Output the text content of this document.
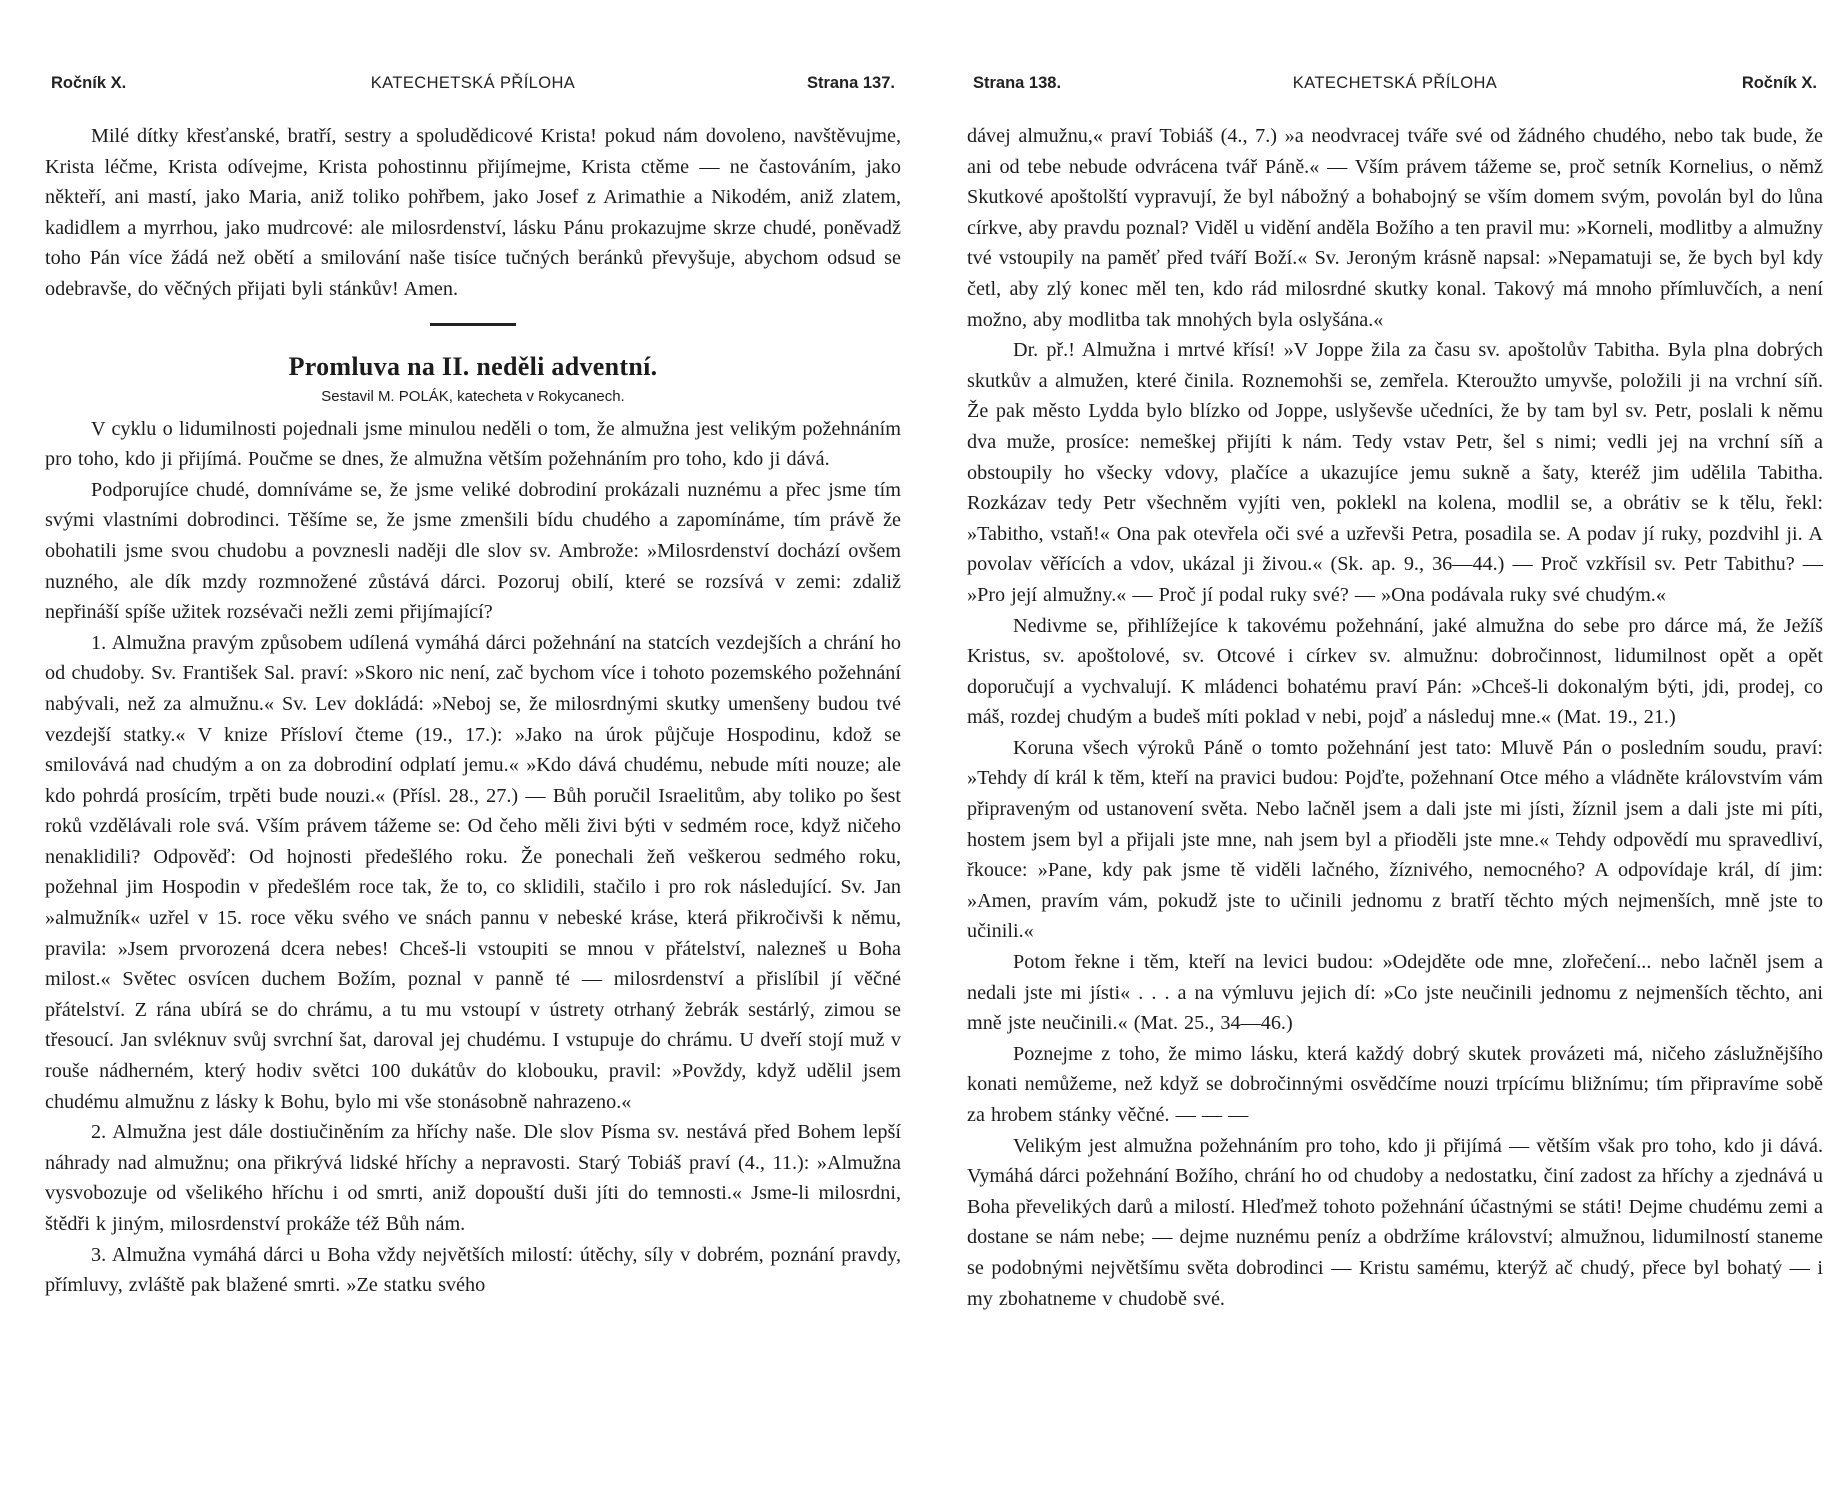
Ročník X.	KATECHETSKÁ PŘÍLOHA	Strana 137.

Milé dítky křesťanské, bratří, sestry a spoludědicové Krista! pokud nám dovoleno, navštěvujme, Krista léčme, Krista odívejme, Krista pohostinnu přijímejme, Krista ctěme — ne častováním, jako někteří, ani mastí, jako Maria, aniž toliko pohřbem, jako Josef z Arimathie a Nikodém, aniž zlatem, kadidlem a myrrhou, jako mudrcové: ale milosrdenství, lásku Pánu prokazujme skrze chudé, poněvadž toho Pán více žádá než obětí a smilování naše tisíce tučných beránků převyšuje, abychom odsud se odebravše, do věčných přijati byli stánkův! Amen.

Promluva na II. neděli adventní.
Sestavil M. POLÁK, katecheta v Rokycanech.

V cyklu o lidumilnosti pojednali jsme minulou neděli o tom, že almužna jest velikým požehnáním pro toho, kdo ji přijímá. Poučme se dnes, že almužna větším požehnáním pro toho, kdo ji dává.

Podporujíce chudé, domníváme se, že jsme veliké dobrodiní prokázali nuznému a přec jsme tím svými vlastními dobrodinci. Těšíme se, že jsme zmenšili bídu chudého a zapomínáme, tím právě že obohatili jsme svou chudobu a povznesli naději dle slov sv. Ambrože: »Milosrdenství dochází ovšem nuzného, ale dík mzdy rozmnožené zůstává dárci. Pozoruj obilí, které se rozsívá v zemi: zdaliž nepřináší spíše užitek rozsévači nežli zemi přijímající?

1. Almužna pravým způsobem udílená vymáhá dárci požehnání na statcích vezdejších a chrání ho od chudoby. Sv. František Sal. praví: »Skoro nic není, zač bychom více i tohoto pozemského požehnání nabývali, než za almužnu.« Sv. Lev dokládá: »Neboj se, že milosrdnými skutky umenšeny budou tvé vezdejší statky.« V knize Přísloví čteme (19., 17.): »Jako na úrok půjčuje Hospodinu, kdož se smilovává nad chudým a on za dobrodiní odplatí jemu.« »Kdo dává chudému, nebude míti nouze; ale kdo pohrdá prosícím, trpěti bude nouzi.« (Přísl. 28., 27.) — Bůh poručil Israelitům, aby toliko po šest roků vzdělávali role svá. Vším právem tážeme se: Od čeho měli živi býti v sedmém roce, když ničeho nenaklidili? Odpověď: Od hojnosti předešlého roku. Že ponechali žeň veškerou sedmého roku, požehnal jim Hospodin v předešlém roce tak, že to, co sklidili, stačilo i pro rok následující. Sv. Jan »almužník« uzřel v 15. roce věku svého ve snách pannu v nebeské kráse, která přikročivši k němu, pravila: »Jsem prvorozená dcera nebes! Chceš-li vstoupiti se mnou v přátelství, nalezneš u Boha milost.« Světec osvícen duchem Božím, poznal v panně té — milosrdenství a přislíbil jí věčné přátelství. Z rána ubírá se do chrámu, a tu mu vstoupí v ústrety otrhaný žebrák sestárlý, zimou se třesoucí. Jan svléknuv svůj svrchní šat, daroval jej chudému. I vstupuje do chrámu. U dveří stojí muž v rouše nádherném, který hodiv světci 100 dukátův do klobouku, pravil: »Povždy, když udělil jsem chudému almužnu z lásky k Bohu, bylo mi vše stonásobně nahrazeno.«

2. Almužna jest dále dostiučiněním za hříchy naše. Dle slov Písma sv. nestává před Bohem lepší náhrady nad almužnu; ona přikrývá lidské hříchy a nepravosti. Starý Tobiáš praví (4., 11.): »Almužna vysvobozuje od všelikého hříchu i od smrti, aniž dopouští duši jíti do temnosti.« Jsme-li milosrdni, štědři k jiným, milosrdenství prokáže též Bůh nám.

3. Almužna vymáhá dárci u Boha vždy největších milostí: útěchy, síly v dobrém, poznání pravdy, přímluvy, zvláště pak blažené smrti. »Ze statku svého

Strana 138.	KATECHETSKÁ PŘÍLOHA	Ročník X.

dávej almužnu,« praví Tobiáš (4., 7.) »a neodvracej tváře své od žádného chudého, nebo tak bude, že ani od tebe nebude odvrácena tvář Páně.« — Vším právem tážeme se, proč setník Kornelius, o němž Skutkové apoštolští vypravují, že byl nábožný a bohabojný se vším domem svým, povolán byl do lůna církve, aby pravdu poznal? Viděl u vidění anděla Božího a ten pravil mu: »Korneli, modlitby a almužny tvé vstoupily na paměť před tváří Boží.« Sv. Jeroným krásně napsal: »Nepamatuji se, že bych byl kdy četl, aby zlý konec měl ten, kdo rád milosrdné skutky konal. Takový má mnoho přímluvčích, a není možno, aby modlitba tak mnohých byla oslyšána.«

Dr. př.! Almužna i mrtvé křísí! »V Joppe žila za času sv. apoštolův Tabitha. Byla plna dobrých skutkův a almužen, které činila. Roznemohši se, zemřela. Kteroužto umyvše, položili ji na vrchní síň. Že pak město Lydda bylo blízko od Joppe, uslyševše učedníci, že by tam byl sv. Petr, poslali k němu dva muže, prosíce: nemeškej přijíti k nám. Tedy vstav Petr, šel s nimi; vedli jej na vrchní síň a obstoupily ho všecky vdovy, plačíce a ukazujíce jemu sukně a šaty, kteréž jim udělila Tabitha. Rozkázav tedy Petr všechněm vyjíti ven, poklekl na kolena, modlil se, a obrátiv se k tělu, řekl: »Tabitho, vstaň!« Ona pak otevřela oči své a uzřevši Petra, posadila se. A podav jí ruky, pozdvihl ji. A povolav věřících a vdov, ukázal ji živou.« (Sk. ap. 9., 36—44.) — Proč vzkřísil sv. Petr Tabithu? — »Pro její almužny.« — Proč jí podal ruky své? — »Ona podávala ruky své chudým.«

Nedivme se, přihlížejíce k takovému požehnání, jaké almužna do sebe pro dárce má, že Ježíš Kristus, sv. apoštolové, sv. Otcové i církev sv. almužnu: dobročinnost, lidumilnost opět a opět doporučují a vychvalují. K mládenci bohatému praví Pán: »Chceš-li dokonalým býti, jdi, prodej, co máš, rozdej chudým a budeš míti poklad v nebi, pojď a následuj mne.« (Mat. 19., 21.)

Koruna všech výroků Páně o tomto požehnání jest tato: Mluvě Pán o posledním soudu, praví: »Tehdy dí král k těm, kteří na pravici budou: Pojďte, požehnaní Otce mého a vládněte královstvím vám připraveným od ustanovení světa. Nebo lačněl jsem a dali jste mi jísti, žíznil jsem a dali jste mi píti, hostem jsem byl a přijali jste mne, nah jsem byl a přioděli jste mne.« Tehdy odpovědí mu spravedliví, řkouce: »Pane, kdy pak jsme tě viděli lačného, žíznivého, nemocného? A odpovídaje král, dí jim: »Amen, pravím vám, pokudž jste to učinili jednomu z bratří těchto mých nejmenších, mně jste to učinili.«

Potom řekne i těm, kteří na levici budou: »Odejděte ode mne, zlořečení... nebo lačněl jsem a nedali jste mi jísti« . . . a na výmluvu jejich dí: »Co jste neučinili jednomu z nejmenších těchto, ani mně jste neučinili.« (Mat. 25., 34—46.)

Poznejme z toho, že mimo lásku, která každý dobrý skutek provázeti má, ničeho záslužnějšího konati nemůžeme, než když se dobročinnými osvědčíme nouzi trpícímu bližnímu; tím připravíme sobě za hrobem stánky věčné. — — —

Velikým jest almužna požehnáním pro toho, kdo ji přijímá — větším však pro toho, kdo ji dává. Vymáhá dárci požehnání Božího, chrání ho od chudoby a nedostatku, činí zadost za hříchy a zjednává u Boha převelikých darů a milostí. Hleďmež tohoto požehnání účastnými se státi! Dejme chudému zemi a dostane se nám nebe; — dejme nuznému peníz a obdržíme království; almužnou, lidumilností staneme se podobnými největšímu světa dobrodinci — Kristu samému, kterýž ač chudý, přece byl bohatý — i my zbohatneme v chudobě své.
